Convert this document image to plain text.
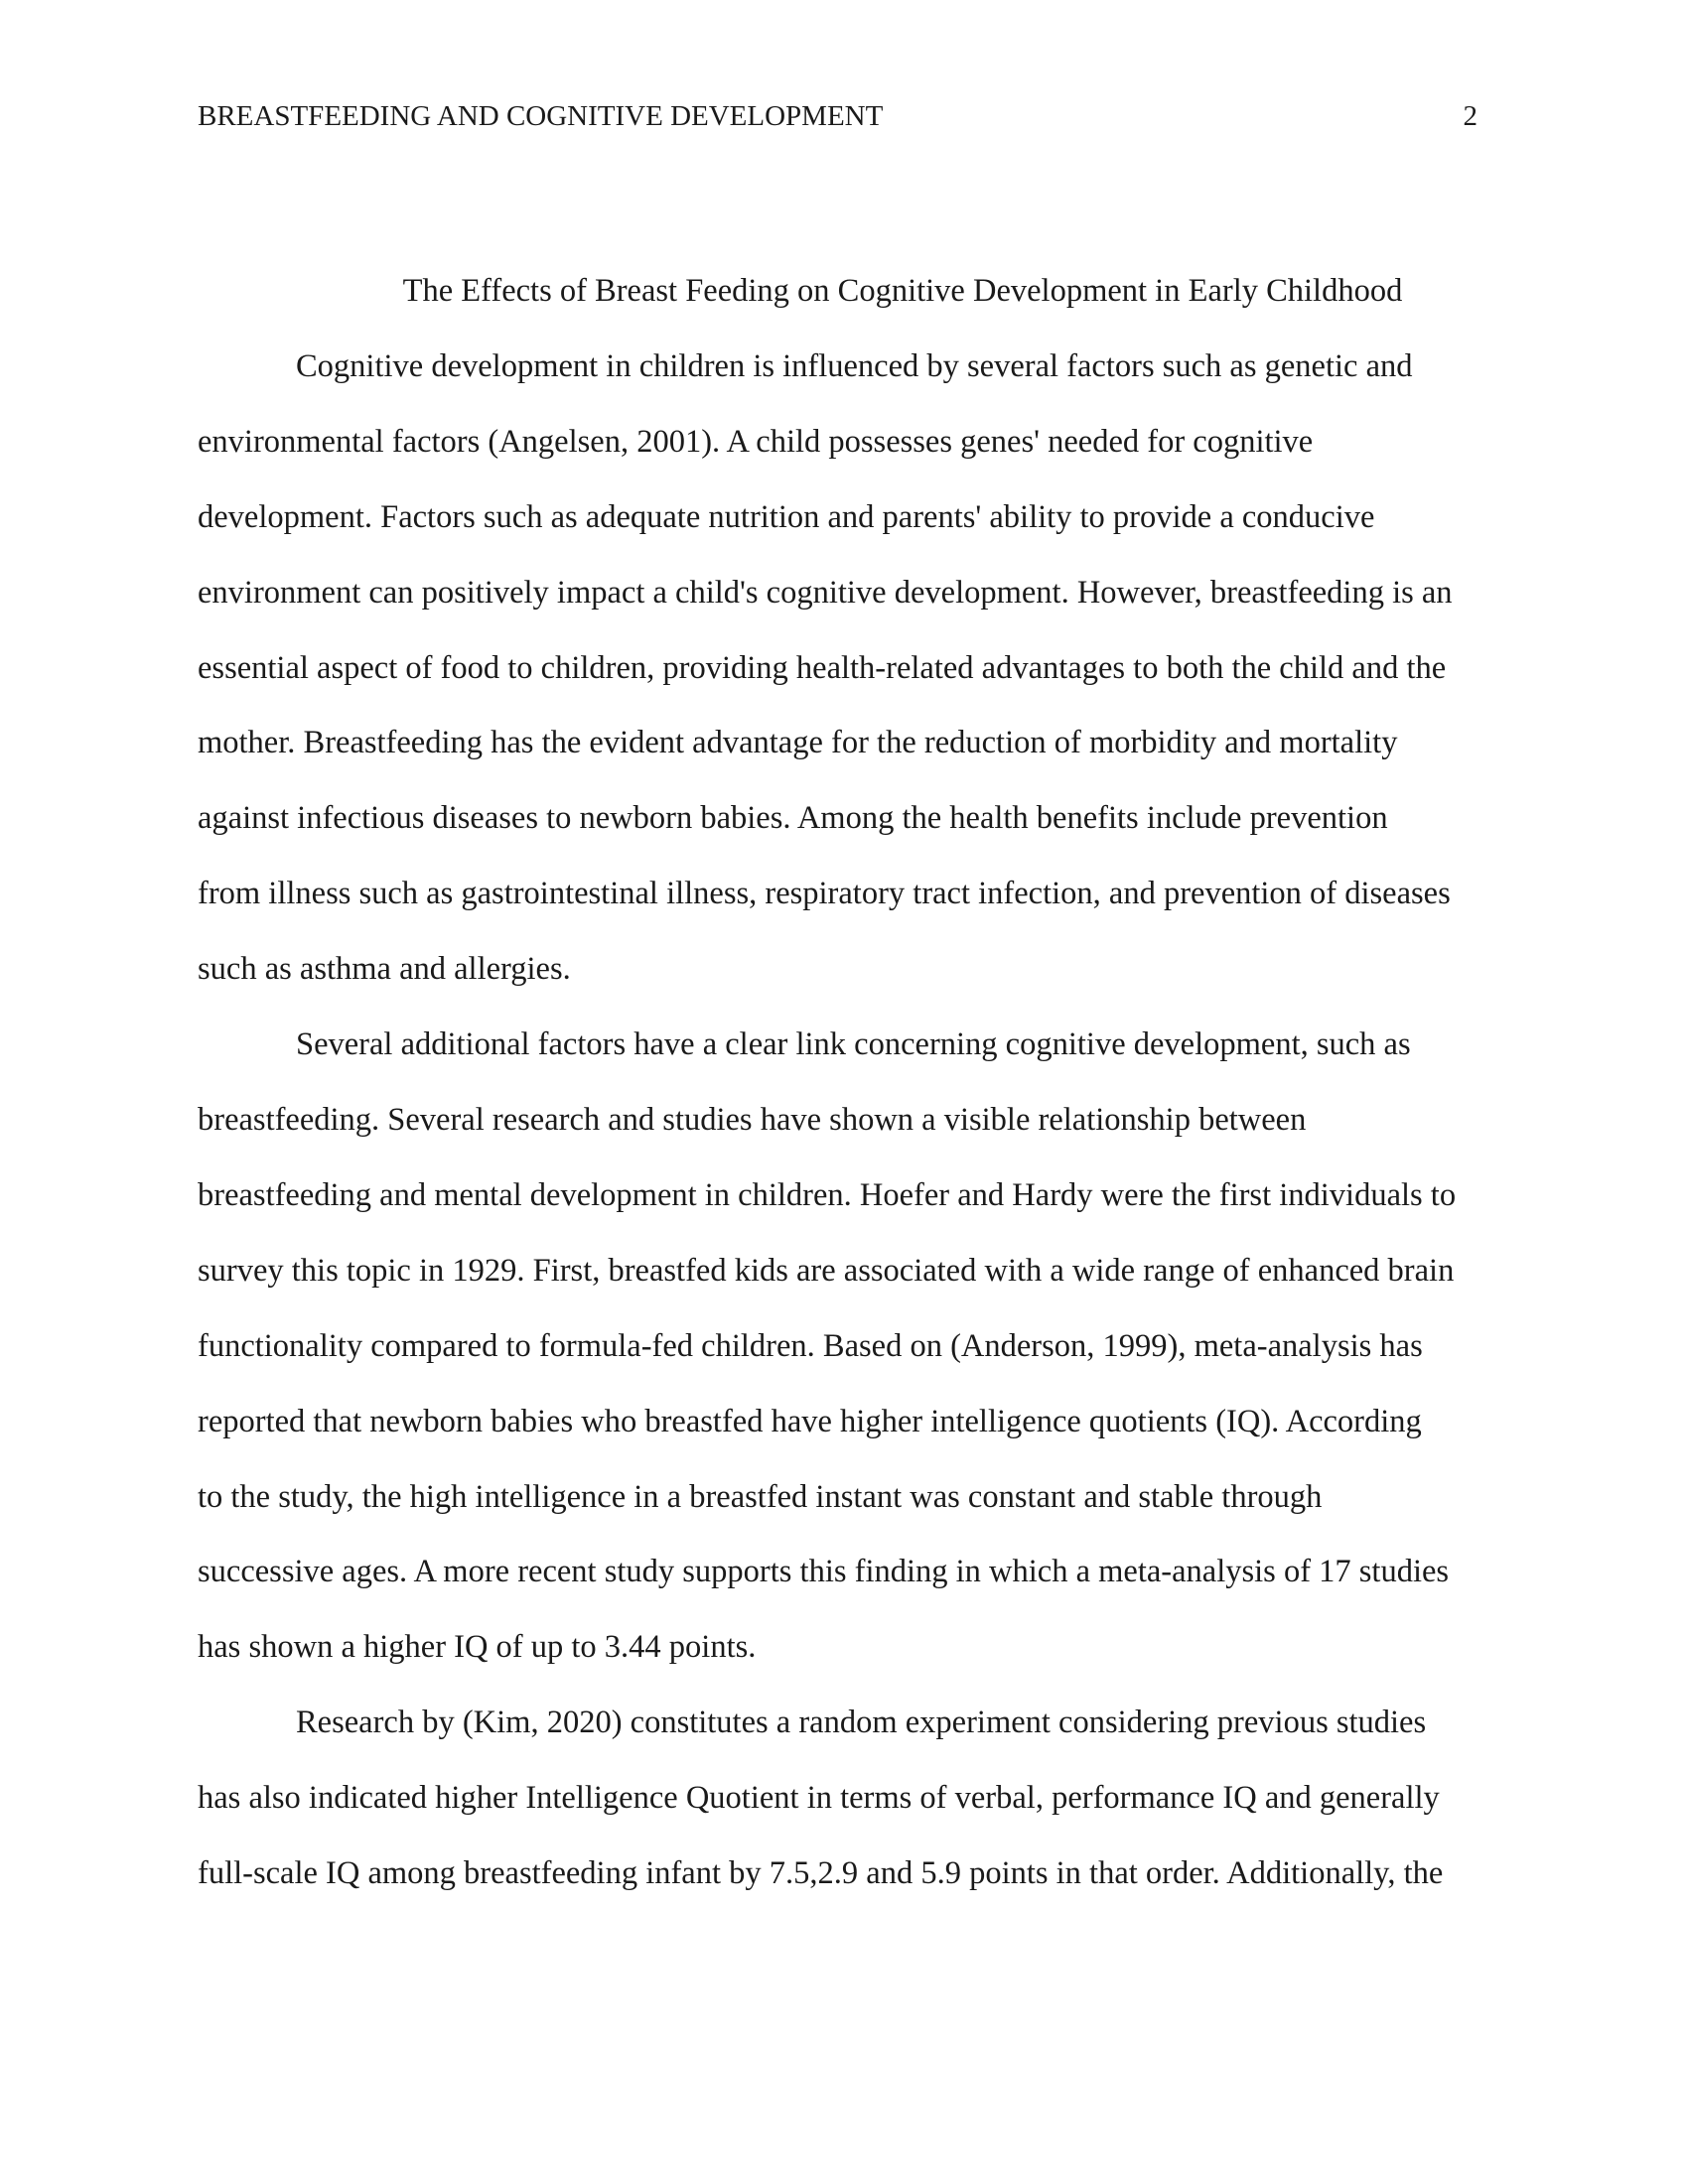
BREASTFEEDING AND COGNITIVE DEVELOPMENT	2
The Effects of Breast Feeding on Cognitive Development in Early Childhood
Cognitive development in children is influenced by several factors such as genetic and
environmental factors (Angelsen, 2001). A child possesses genes' needed for cognitive
development. Factors such as adequate nutrition and parents' ability to provide a conducive
environment can positively impact a child's cognitive development. However, breastfeeding is an
essential aspect of food to children, providing health-related advantages to both the child and the
mother. Breastfeeding has the evident advantage for the reduction of morbidity and mortality
against infectious diseases to newborn babies. Among the health benefits include prevention
from illness such as gastrointestinal illness, respiratory tract infection, and prevention of diseases
such as asthma and allergies.
Several additional factors have a clear link concerning cognitive development, such as
breastfeeding. Several research and studies have shown a visible relationship between
breastfeeding and mental development in children. Hoefer and Hardy were the first individuals to
survey this topic in 1929. First, breastfed kids are associated with a wide range of enhanced brain
functionality compared to formula-fed children. Based on (Anderson, 1999), meta-analysis has
reported that newborn babies who breastfed have higher intelligence quotients (IQ). According
to the study, the high intelligence in a breastfed instant was constant and stable through
successive ages. A more recent study supports this finding in which a meta-analysis of 17 studies
has shown a higher IQ of up to 3.44 points.
Research by (Kim, 2020) constitutes a random experiment considering previous studies
has also indicated higher Intelligence Quotient in terms of verbal, performance IQ and generally
full-scale IQ among breastfeeding infant by 7.5,2.9 and 5.9 points in that order. Additionally, the
